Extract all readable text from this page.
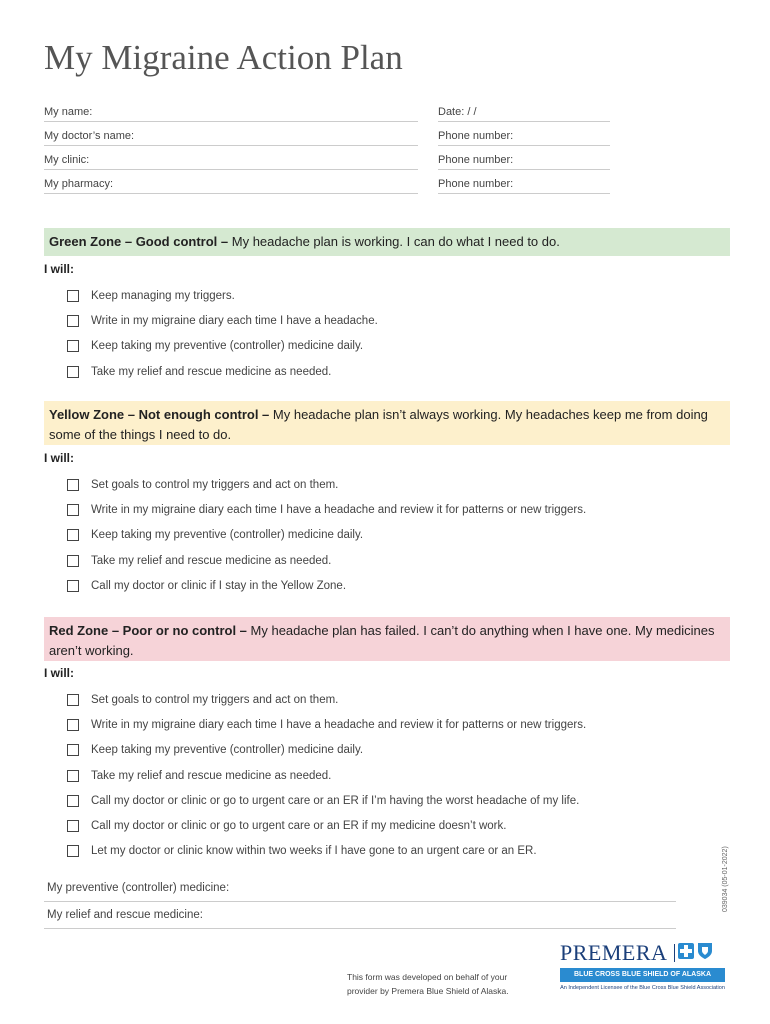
My Migraine Action Plan
My name:	Date: / /
My doctor’s name:	Phone number:
My clinic:	Phone number:
My pharmacy:	Phone number:
Green Zone – Good control – My headache plan is working. I can do what I need to do.
I will:
Keep managing my triggers.
Write in my migraine diary each time I have a headache.
Keep taking my preventive (controller) medicine daily.
Take my relief and rescue medicine as needed.
Yellow Zone – Not enough control – My headache plan isn’t always working. My headaches keep me from doing some of the things I need to do.
I will:
Set goals to control my triggers and act on them.
Write in my migraine diary each time I have a headache and review it for patterns or new triggers.
Keep taking my preventive (controller) medicine daily.
Take my relief and rescue medicine as needed.
Call my doctor or clinic if I stay in the Yellow Zone.
Red Zone – Poor or no control – My headache plan has failed. I can’t do anything when I have one. My medicines aren’t working.
I will:
Set goals to control my triggers and act on them.
Write in my migraine diary each time I have a headache and review it for patterns or new triggers.
Keep taking my preventive (controller) medicine daily.
Take my relief and rescue medicine as needed.
Call my doctor or clinic or go to urgent care or an ER if I’m having the worst headache of my life.
Call my doctor or clinic or go to urgent care or an ER if my medicine doesn’t work.
Let my doctor or clinic know within two weeks if I have gone to an urgent care or an ER.
My preventive (controller) medicine:
My relief and rescue medicine:
039034 (05-01-2022)
This form was developed on behalf of your
provider by Premera Blue Shield of Alaska.
PREMERA
BLUE CROSS BLUE SHIELD OF ALASKA
An Independent Licensee of the Blue Cross Blue Shield Association
